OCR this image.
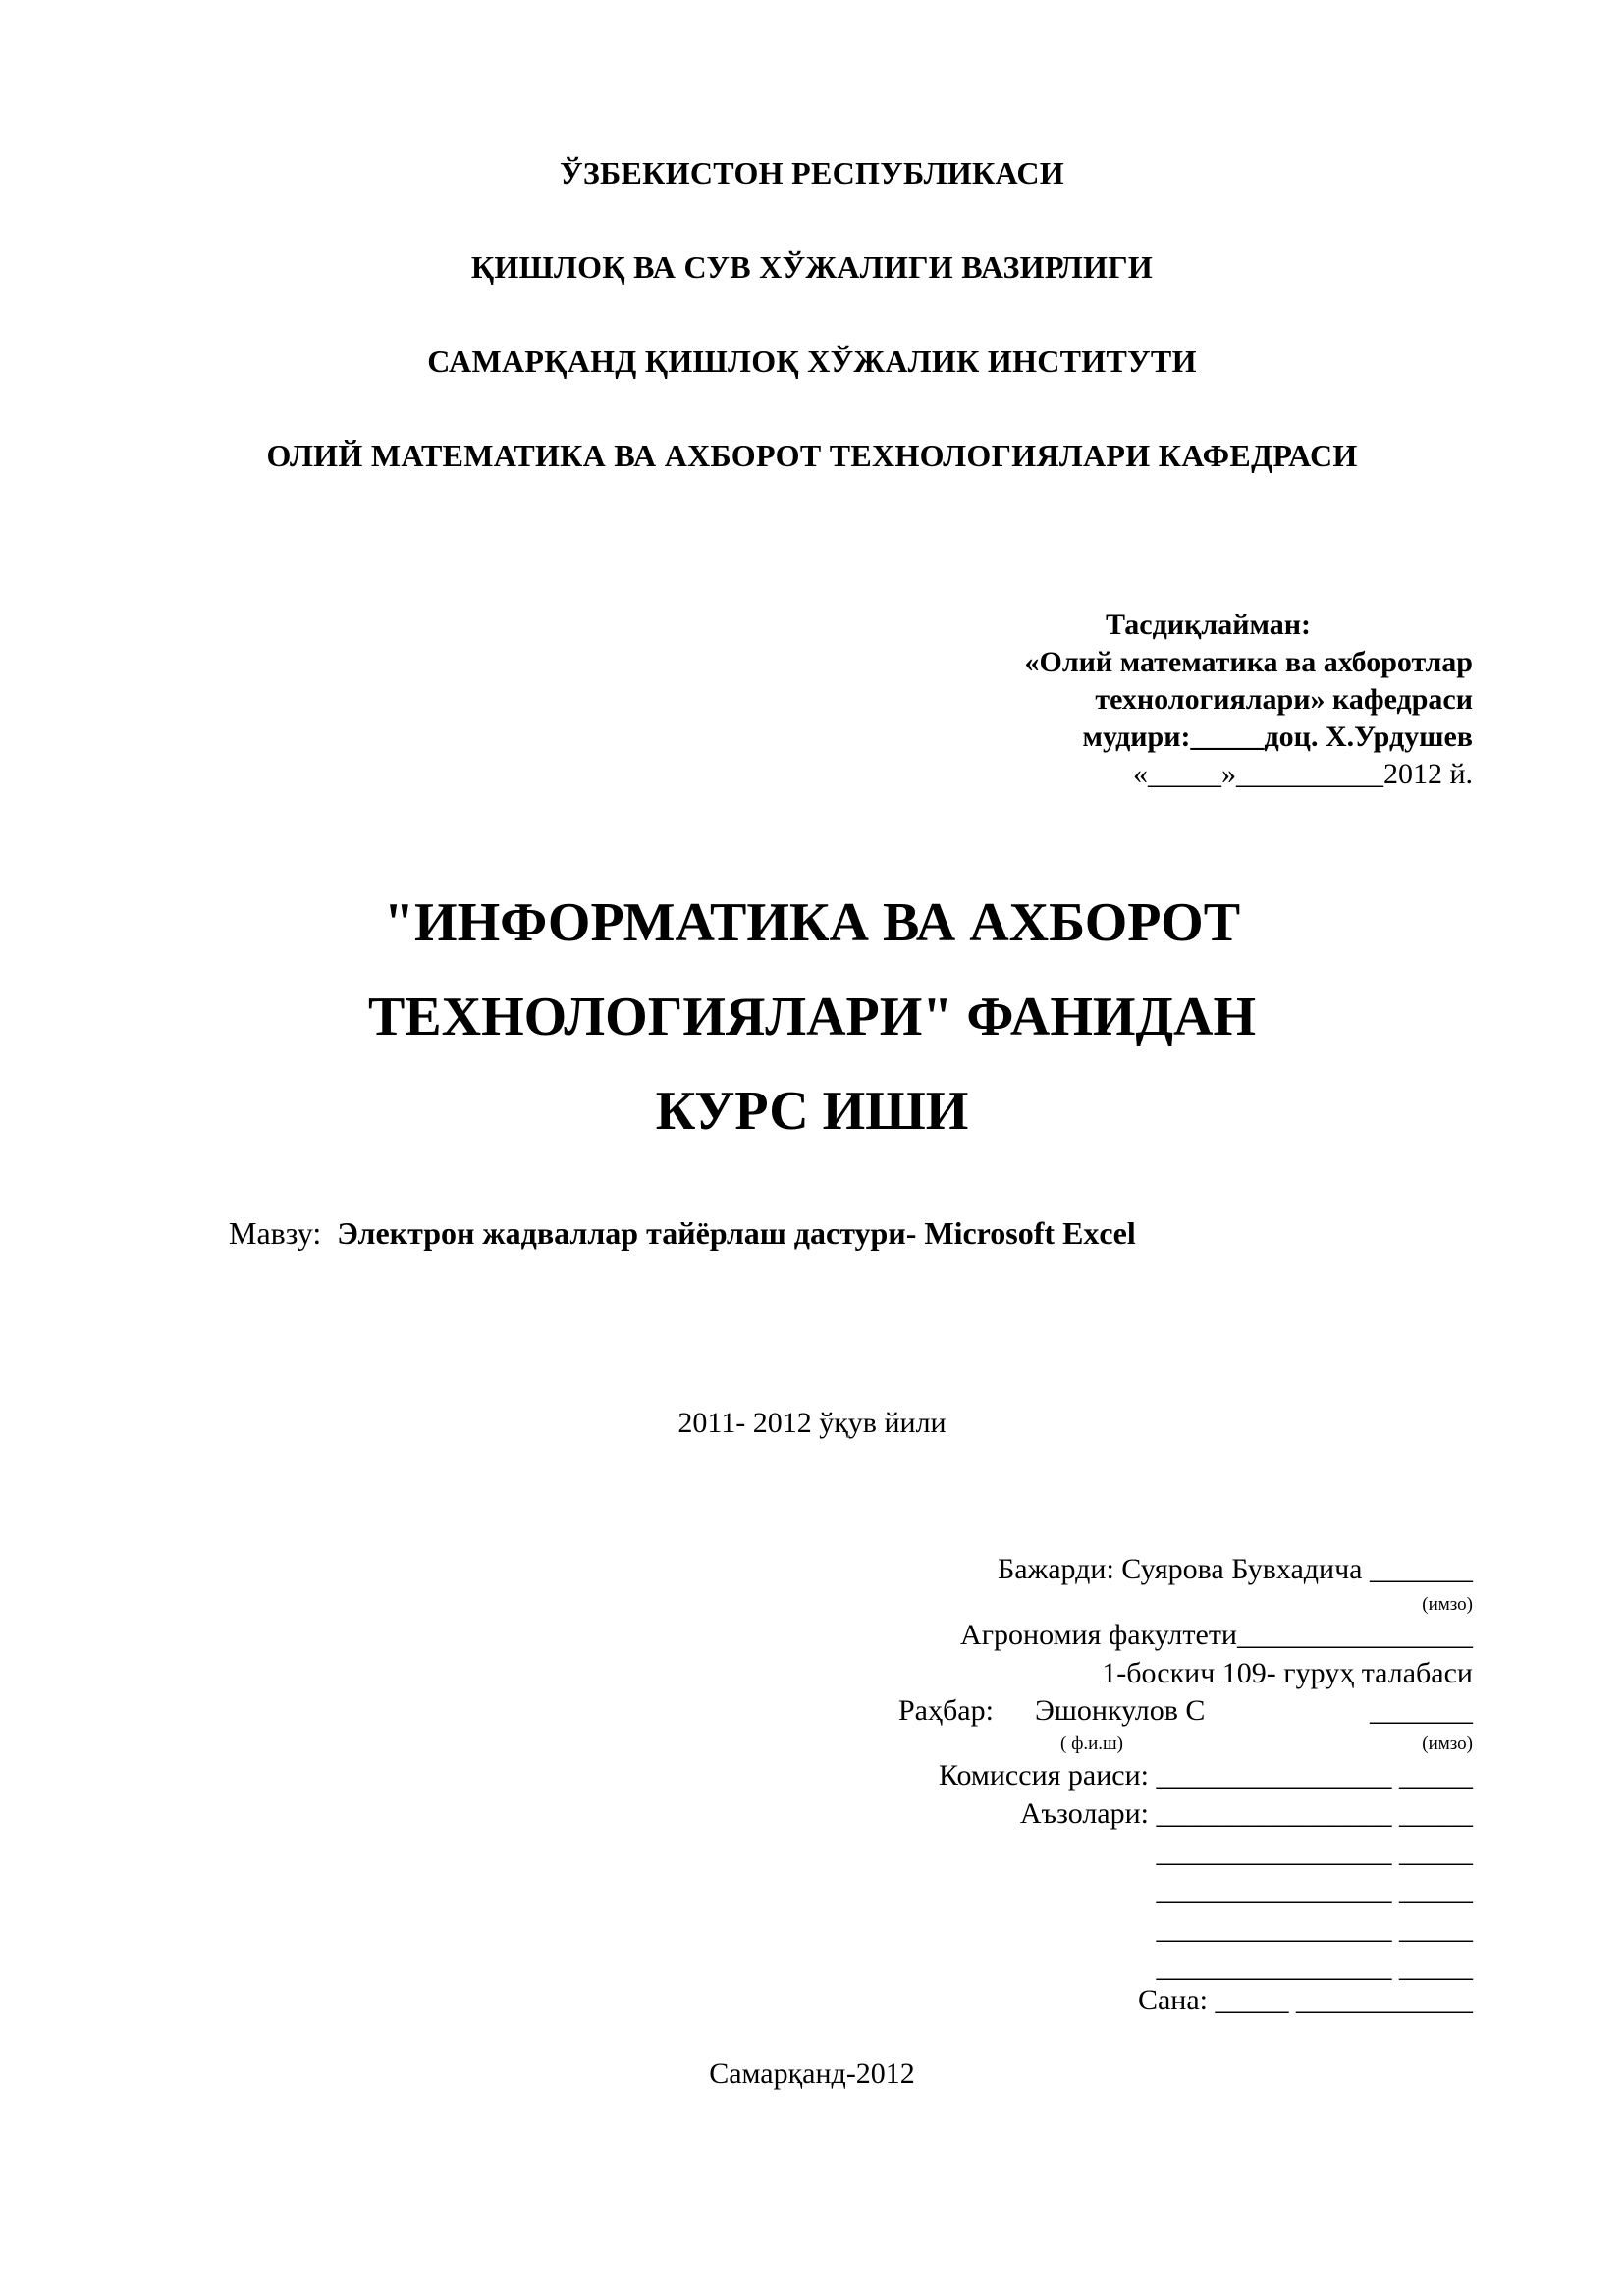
ЎЗБЕКИСТОН РЕСПУБЛИКАСИ
ҚИШЛОҚ ВА СУВ ХЎЖАЛИГИ ВАЗИРЛИГИ
САМАРҚАНД ҚИШЛОҚ ХЎЖАЛИК ИНСТИТУТИ
ОЛИЙ МАТЕМАТИКА ВА АХБОРОТ ТЕХНОЛОГИЯЛАРИ КАФЕДРАСИ
Тасдиқлайман:
«Олий математика ва ахборотлар
технологиялари» кафедраси
мудири:_____доц. Х.Урдушев
«_____»__________2012 й.
"ИНФОРМАТИКА ВА АХБОРОТ
ТЕХНОЛОГИЯЛАРИ" ФАНИДАН
КУРС ИШИ
Мавзу: Электрон жадваллар тайёрлаш дастури- Microsoft Excel
2011- 2012 ўқув йили
Бажарди: Суярова Бувхадича _______
(имзо)
Агрономия факултети________________
1-боскич 109- гуруҳ талабаси
Раҳбар: Эшонкулов С	_______
( ф.и.ш)	(имзо)
Комиссия раиси: ________________ _____
Аъзолари: ________________ _____
________________ _____
________________ _____
________________ _____
________________ _____
Сана: _____ ____________
Самарқанд-2012
